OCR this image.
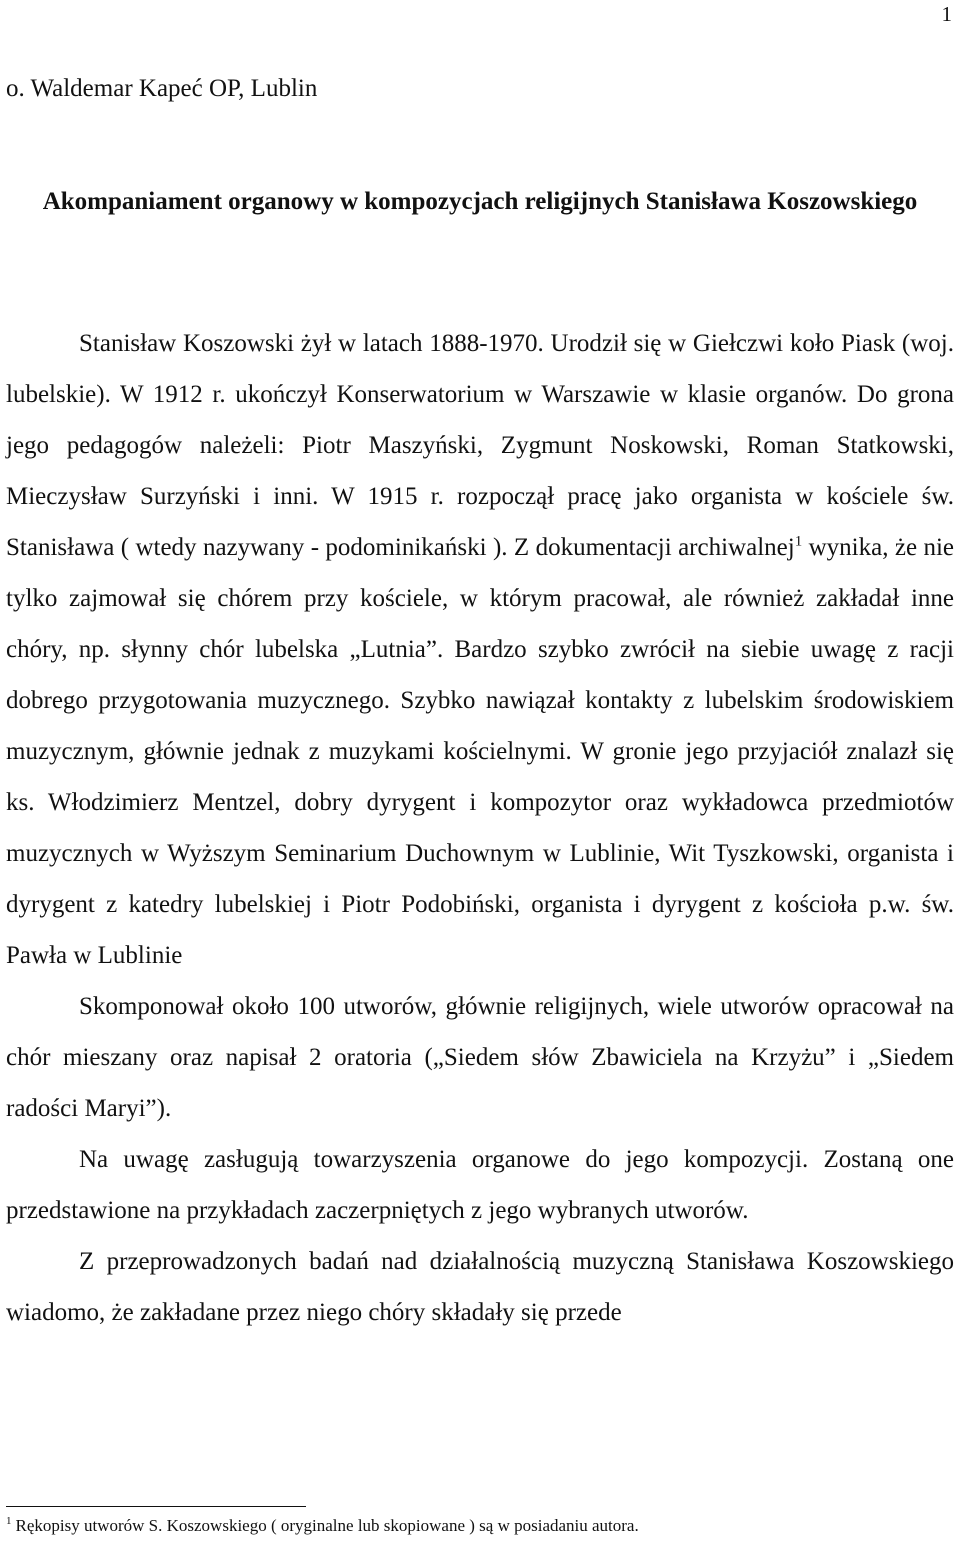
1
o. Waldemar Kapeć OP, Lublin
Akompaniament organowy w kompozycjach religijnych Stanisława Koszowskiego

Stanisław Koszowski żył w latach 1888-1970. Urodził się w Giełczwi koło Piask (woj. lubelskie). W 1912 r. ukończył Konserwatorium w Warszawie w klasie organów. Do grona jego pedagogów należeli: Piotr Maszyński, Zygmunt Noskowski, Roman Statkowski, Mieczysław Surzyński i inni. W 1915 r. rozpoczął pracę jako organista w kościele św. Stanisława ( wtedy nazywany - podominikański ). Z dokumentacji archiwalnej$^1$ wynika, że nie tylko zajmował się chórem przy kościele, w którym pracował, ale również zakładał inne chóry, np. słynny chór lubelska „Lutnia”. Bardzo szybko zwrócił na siebie uwagę z racji dobrego przygotowania muzycznego. Szybko nawiązał kontakty z lubelskim środowiskiem muzycznym, głównie jednak z muzykami kościelnymi. W gronie jego przyjaciół znalazł się ks. Włodzimierz Mentzel, dobry dyrygent i kompozytor oraz wykładowca przedmiotów muzycznych w Wyższym Seminarium Duchownym w Lublinie, Wit Tyszkowski, organista i dyrygent z katedry lubelskiej i Piotr Podobiński, organista i dyrygent z kościoła p.w. św. Pawła w Lublinie

Skomponował około 100 utworów, głównie religijnych, wiele utworów opracował na chór mieszany oraz napisał 2 oratoria („Siedem słów Zbawiciela na Krzyżu” i „Siedem radości Maryi”).

Na uwagę zasługują towarzyszenia organowe do jego kompozycji. Zostaną one przedstawione na przykładach zaczerpniętych z jego wybranych utworów.

Z przeprowadzonych badań nad działalnością muzyczną Stanisława Koszowskiego wiadomo, że zakładane przez niego chóry składały się przede

$^1$ Rękopisy utworów S. Koszowskiego ( oryginalne lub skopiowane ) są w posiadaniu autora.
